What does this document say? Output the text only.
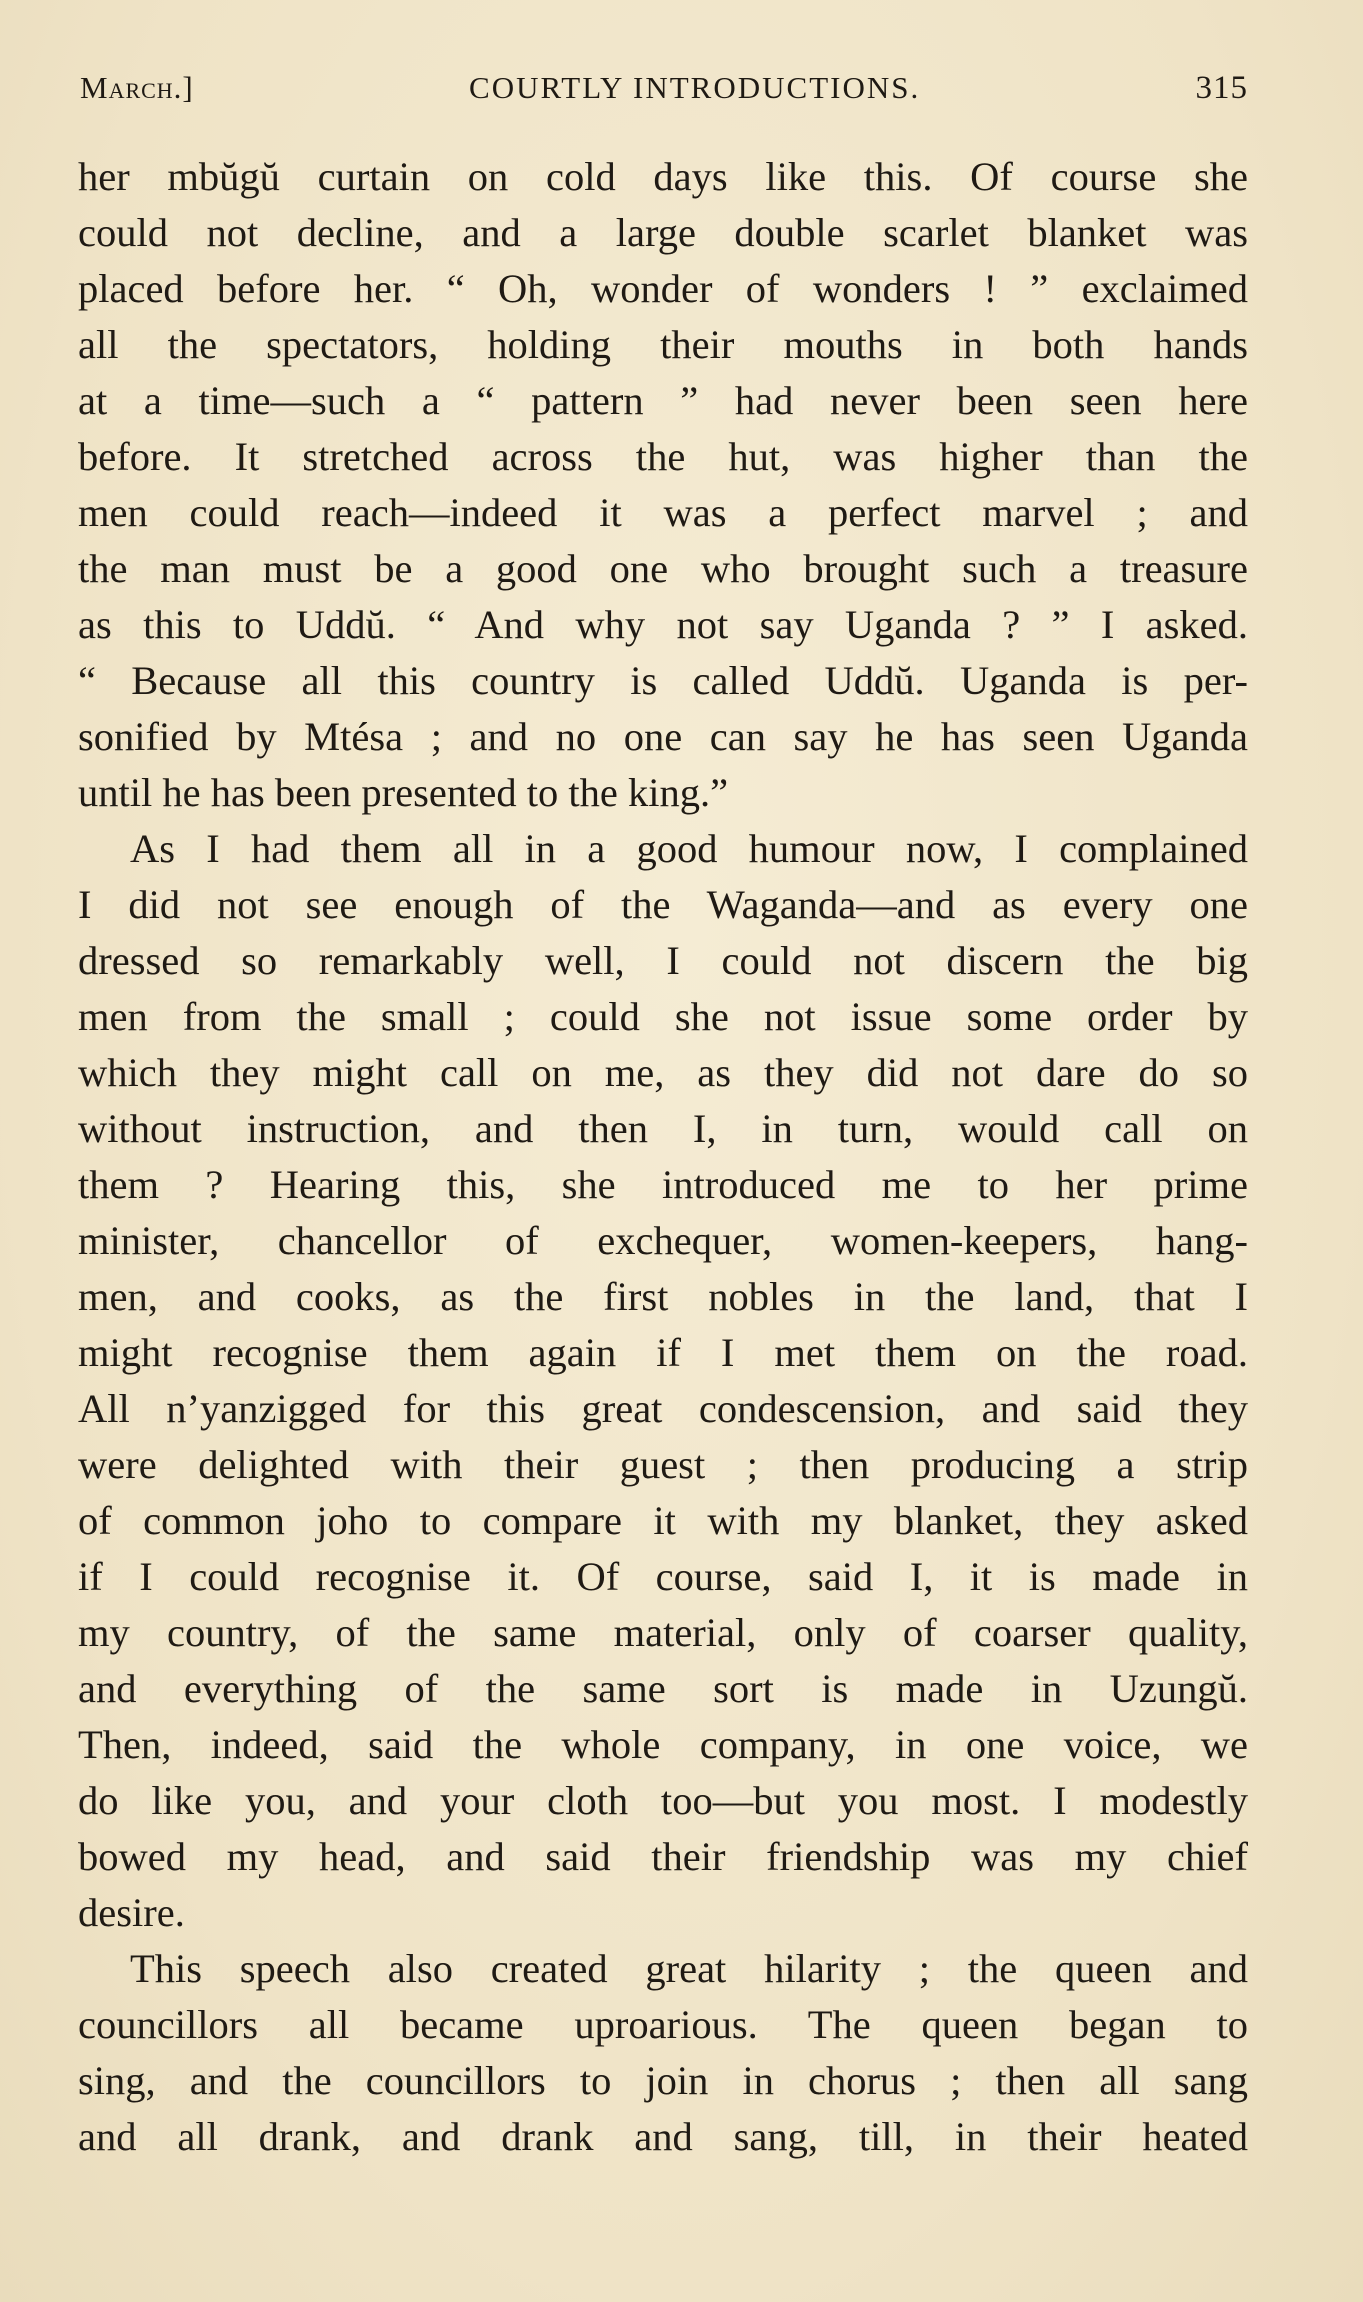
March.]	COURTLY INTRODUCTIONS.	315

her mbŭgŭ curtain on cold days like this. Of course she

could not decline, and a large double scarlet blanket was

placed before her. “ Oh, wonder of wonders ! ” exclaimed

all the spectators, holding their mouths in both hands

at a time—such a “ pattern ” had never been seen here

before. It stretched across the hut, was higher than the

men could reach—indeed it was a perfect marvel ; and

the man must be a good one who brought such a treasure

as this to Uddŭ. “ And why not say Uganda ? ” I asked.

“ Because all this country is called Uddŭ. Uganda is per-

sonified by Mtésa ; and no one can say he has seen Uganda

until he has been presented to the king.”

As I had them all in a good humour now, I complained

I did not see enough of the Waganda—and as every one

dressed so remarkably well, I could not discern the big

men from the small ; could she not issue some order by

which they might call on me, as they did not dare do so

without instruction, and then I, in turn, would call on

them ? Hearing this, she introduced me to her prime

minister, chancellor of exchequer, women-keepers, hang-

men, and cooks, as the first nobles in the land, that I

might recognise them again if I met them on the road.

All n’yanzigged for this great condescension, and said they

were delighted with their guest ; then producing a strip

of common joho to compare it with my blanket, they asked

if I could recognise it. Of course, said I, it is made in

my country, of the same material, only of coarser quality,

and everything of the same sort is made in Uzungŭ.

Then, indeed, said the whole company, in one voice, we

do like you, and your cloth too—but you most. I modestly

bowed my head, and said their friendship was my chief

desire.

This speech also created great hilarity ; the queen and

councillors all became uproarious. The queen began to

sing, and the councillors to join in chorus ; then all sang

and all drank, and drank and sang, till, in their heated
